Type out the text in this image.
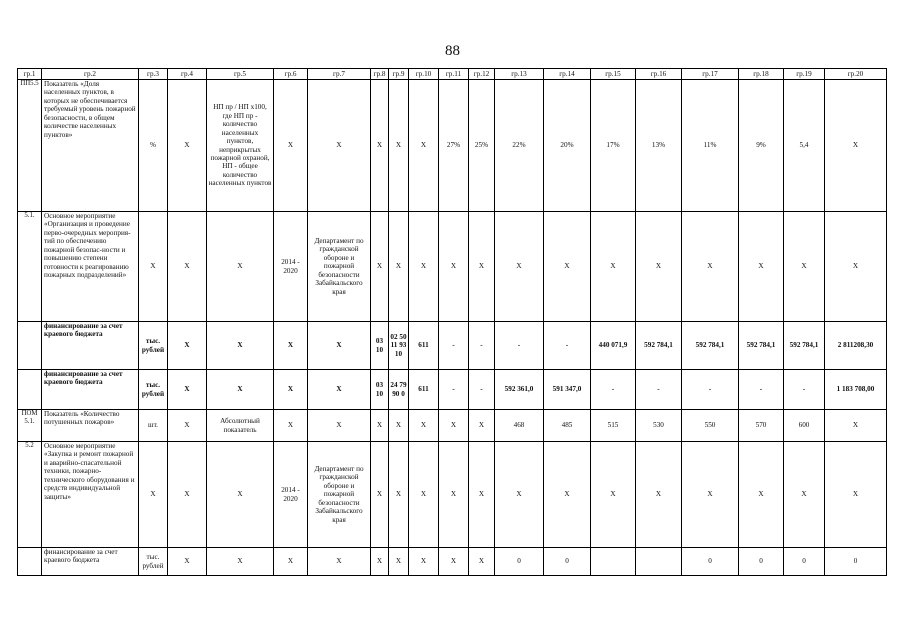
88
гр.1	гр.2	гр.3	гр.4	гр.5	гр.6	гр.7	гр.8	гр.9	гр.10	гр.11	гр.12	гр.13	гр.14	гр.15	гр.16	гр.17	гр.18	гр.19	гр.20
ПП5.5	Показатель «Доля населенных пунктов, в которых не обеспечивается требуемый уровень пожарной безопасности, в общем количестве населенных пунктов»	%	X	НП пр / НП х100, где НП пр - количество населенных пунктов, неприкрытых пожарной охраной, НП - общее количество населенных пунктов	X	X	X	X	X	27%	25%	22%	20%	17%	13%	11%	9%	5,4	X
5.1.	Основное мероприятие «Организация и проведение перво-очередных мероприя-тий по обеспечению пожарной безопас-ности и повышению степени готовности к реагированию пожарных подразделений»	X	X	X	2014 - 2020	Департамент по гражданской обороне и пожарной безопасности Забайкальского края	X	X	X	X	X	X	X	X	X	X	X	X	X
	финансирование за счет краевого бюджета	тыс. рублей	X	X	X	X	03 10	02 50 11 93 10	611	-	-	-	-	440 071,9	592 784,1	592 784,1	592 784,1	592 784,1	2 811208,30
	финансирование за счет краевого бюджета	тыс. рублей	X	X	X	X	03 10	24 79 90 0	611	-	-	592 361,0	591 347,0	-	-	-	-	-	1 183 708,00
ПОМ 5.1.	Показатель «Количество потушенных пожаров»	шт.	X	Абсолютный показатель	X	X	X	X	X	X	X	468	485	515	530	550	570	600	X
5.2	Основное мероприятие «Закупка и ремонт пожарной и аварийно-спасательной техники, пожарно-технического оборудования и средств индивидуальной защиты»	X	X	X	2014 - 2020	Департамент по гражданской обороне и пожарной безопасности Забайкальского края	X	X	X	X	X	X	X	X	X	X	X	X	X
	финансирование за счет краевого бюджета	тыс. рублей	X	X	X	X	X	X	X	X	X	0	0			0	0	0	0
